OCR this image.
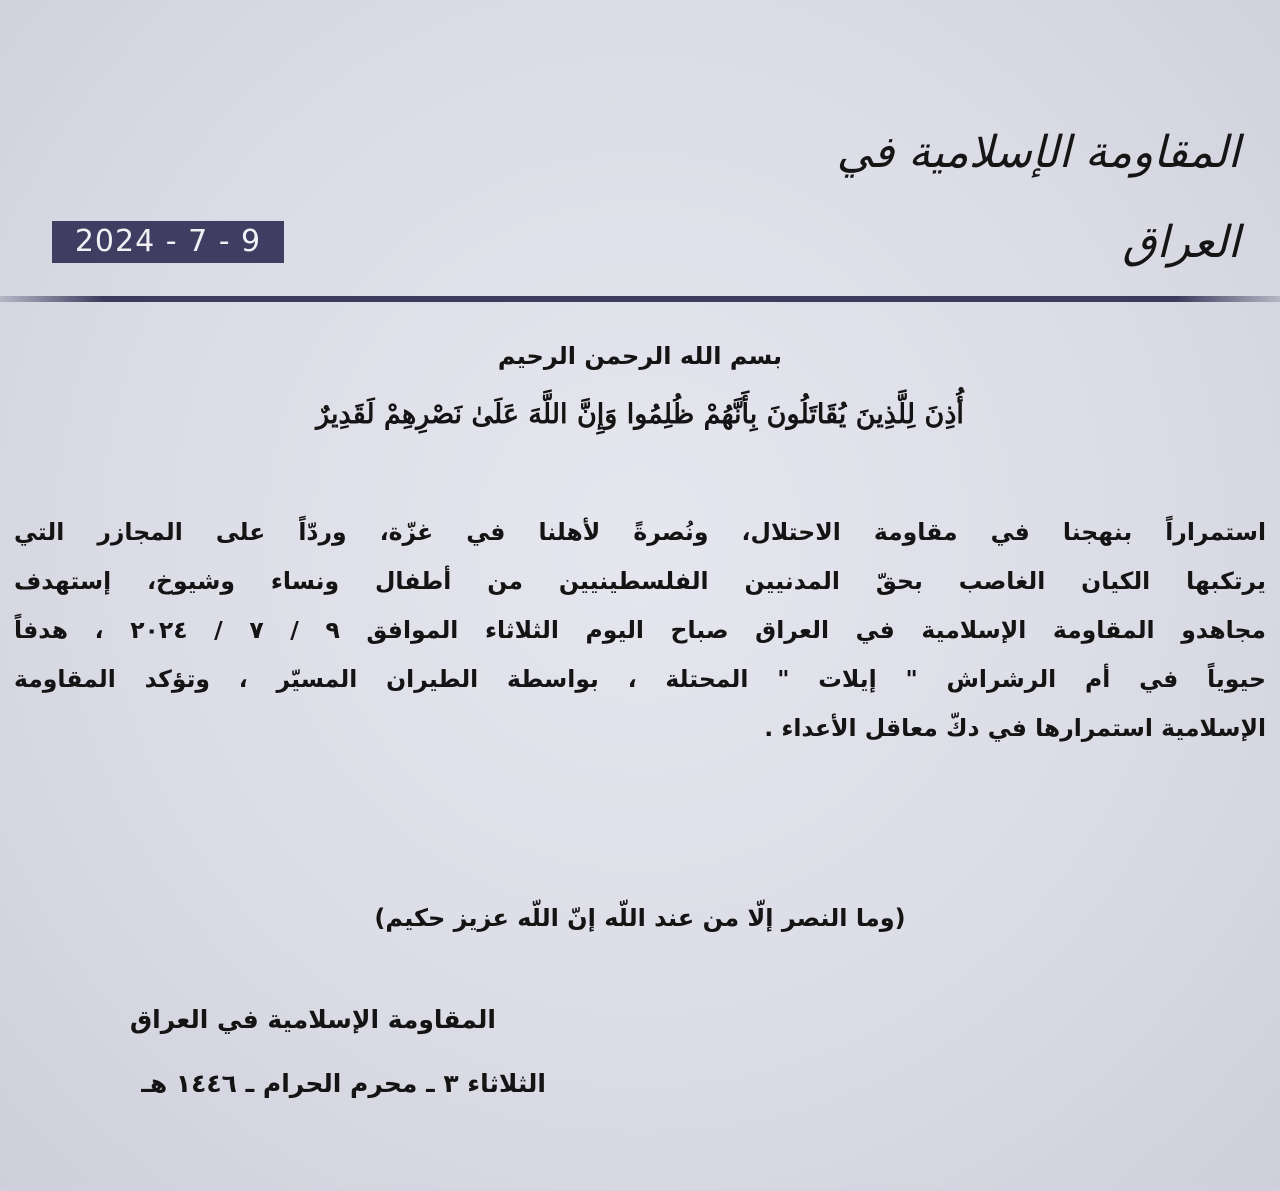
المقاومة الإسلامية في العراق
2024 - 7 - 9
بسم الله الرحمن الرحيم
أُذِنَ لِلَّذِينَ يُقَاتَلُونَ بِأَنَّهُمْ ظُلِمُوا وَإِنَّ اللَّهَ عَلَىٰ نَصْرِهِمْ لَقَدِيرٌ
استمراراً بنهجنا في مقاومة الاحتلال، ونُصرةً لأهلنا في غزّة، وردّاً على المجازر التي
يرتكبها الكيان الغاصب بحقّ المدنيين الفلسطينيين من أطفال ونساء وشيوخ، إستهدف
مجاهدو المقاومة الإسلامية في العراق صباح اليوم الثلاثاء الموافق ٩ / ٧ / ٢٠٢٤ ، هدفاً
حيوياً في أم الرشراش " إيلات " المحتلة ، بواسطة الطيران المسيّر ، وتؤكد المقاومة
الإسلامية استمرارها في دكّ معاقل الأعداء .
(وما النصر إلّا من عند اللّه إنّ اللّه عزيز حكيم)
المقاومة الإسلامية في العراق
الثلاثاء ٣ ـ محرم الحرام ـ ١٤٤٦ هـ
